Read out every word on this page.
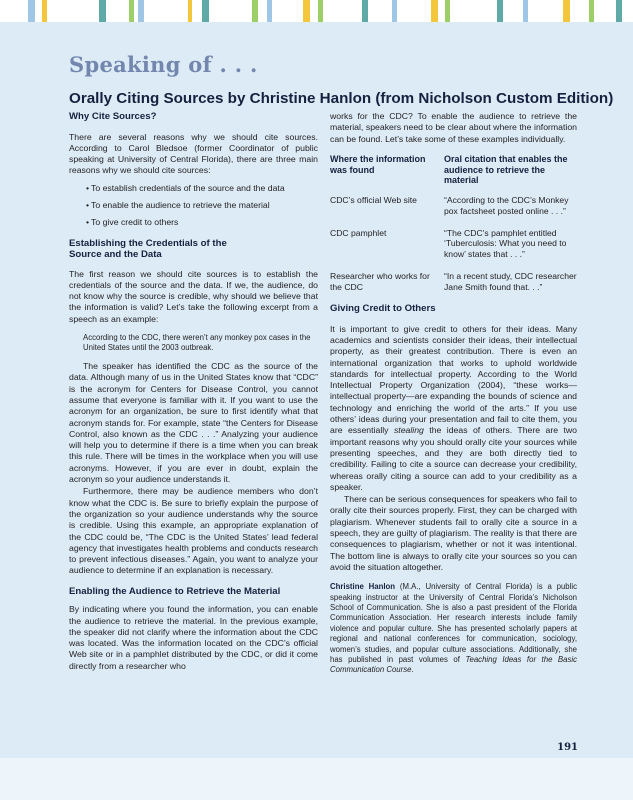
Speaking of . . .
Orally Citing Sources by Christine Hanlon (from Nicholson Custom Edition)
Why Cite Sources?
There are several reasons why we should cite sources. According to Carol Bledsoe (former Coordinator of public speaking at University of Central Florida), there are three main reasons why we should cite sources:
• To establish credentials of the source and the data
• To enable the audience to retrieve the material
• To give credit to others
Establishing the Credentials of the Source and the Data
The first reason we should cite sources is to establish the credentials of the source and the data. If we, the audience, do not know why the source is credible, why should we believe that the information is valid? Let’s take the following excerpt from a speech as an example:
According to the CDC, there weren’t any monkey pox cases in the United States until the 2003 outbreak.
The speaker has identified the CDC as the source of the data. Although many of us in the United States know that “CDC” is the acronym for Centers for Disease Control, you cannot assume that everyone is familiar with it. If you want to use the acronym for an organization, be sure to first identify what that acronym stands for. For example, state “the Centers for Disease Control, also known as the CDC . . .” Analyzing your audience will help you to determine if there is a time when you can break this rule. There will be times in the workplace when you will use acronyms. However, if you are ever in doubt, explain the acronym so your audience understands it.
Furthermore, there may be audience members who don’t know what the CDC is. Be sure to briefly explain the purpose of the organization so your audience understands why the source is credible. Using this example, an appropriate explanation of the CDC could be, “The CDC is the United States’ lead federal agency that investigates health problems and conducts research to prevent infectious diseases.” Again, you want to analyze your audience to determine if an explanation is necessary.
Enabling the Audience to Retrieve the Material
By indicating where you found the information, you can enable the audience to retrieve the material. In the previous example, the speaker did not clarify where the information about the CDC was located. Was the information located on the CDC’s official Web site or in a pamphlet distributed by the CDC, or did it come directly from a researcher who
works for the CDC? To enable the audience to retrieve the material, speakers need to be clear about where the information can be found. Let’s take some of these examples individually.
Where the information was found	Oral citation that enables the audience to retrieve the material
CDC’s official Web site	“According to the CDC’s Monkey pox factsheet posted online . . .”
CDC pamphlet	“The CDC’s pamphlet entitled ‘Tuberculosis: What you need to know’ states that . . .”
Researcher who works for the CDC	“In a recent study, CDC researcher Jane Smith found that. . .”
Giving Credit to Others
It is important to give credit to others for their ideas. Many academics and scientists consider their ideas, their intellectual property, as their greatest contribution. There is even an international organization that works to uphold worldwide standards for intellectual property. According to the World Intellectual Property Organization (2004), “these works—intellectual property—are expanding the bounds of science and technology and enriching the world of the arts.” If you use others’ ideas during your presentation and fail to cite them, you are essentially stealing the ideas of others. There are two important reasons why you should orally cite your sources while presenting speeches, and they are both directly tied to credibility. Failing to cite a source can decrease your credibility, whereas orally citing a source can add to your credibility as a speaker.
There can be serious consequences for speakers who fail to orally cite their sources properly. First, they can be charged with plagiarism. Whenever students fail to orally cite a source in a speech, they are guilty of plagiarism. The reality is that there are consequences to plagiarism, whether or not it was intentional. The bottom line is always to orally cite your sources so you can avoid the situation altogether.
Christine Hanlon (M.A., University of Central Florida) is a public speaking instructor at the University of Central Florida’s Nicholson School of Communication. She is also a past president of the Florida Communication Association. Her research interests include family violence and popular culture. She has presented scholarly papers at regional and national conferences for communication, sociology, women’s studies, and popular culture associations. Additionally, she has published in past volumes of Teaching Ideas for the Basic Communication Course.
191
